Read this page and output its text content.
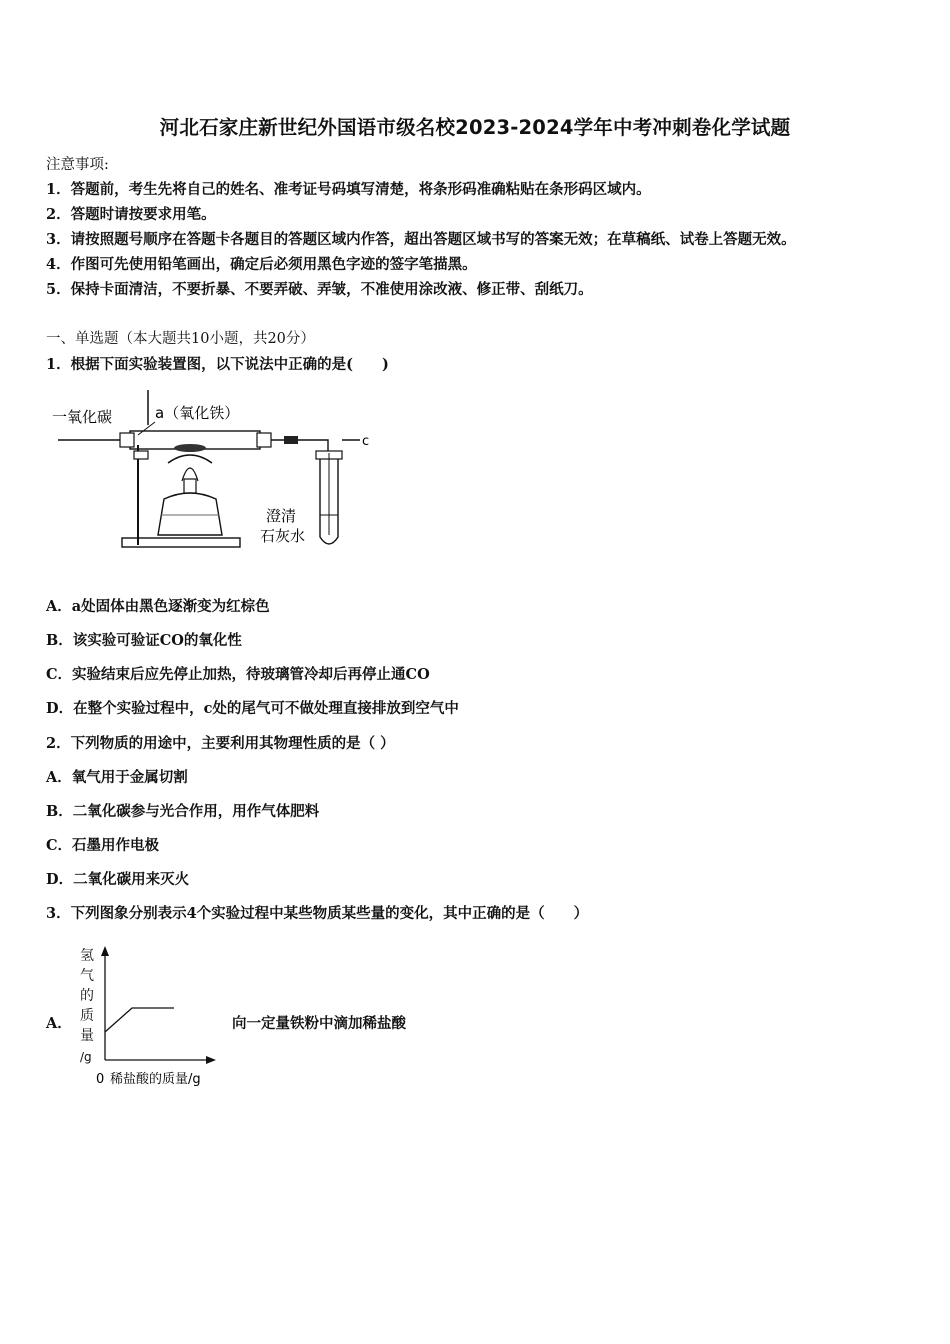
河北石家庄新世纪外国语市级名校2023-2024学年中考冲刺卷化学试题
注意事项:
1．答题前，考生先将自己的姓名、准考证号码填写清楚，将条形码准确粘贴在条形码区域内。
2．答题时请按要求用笔。
3．请按照题号顺序在答题卡各题目的答题区域内作答，超出答题区域书写的答案无效；在草稿纸、试卷上答题无效。
4．作图可先使用铅笔画出，确定后必须用黑色字迹的签字笔描黑。
5．保持卡面清洁，不要折暴、不要弄破、弄皱，不准使用涂改液、修正带、刮纸刀。
一、单选题（本大题共10小题，共20分）
1．根据下面实验装置图，以下说法中正确的是(　　)
一氧化碳	a（氧化铁）
c
澄清
石灰水
A．a处固体由黑色逐渐变为红棕色
B．该实验可验证CO的氧化性
C．实验结束后应先停止加热，待玻璃管冷却后再停止通CO
D．在整个实验过程中，c处的尾气可不做处理直接排放到空气中
2．下列物质的用途中，主要利用其物理性质的是（ ）
A．氧气用于金属切割
B．二氧化碳参与光合作用，用作气体肥料
C．石墨用作电极
D．二氧化碳用来灭火
3．下列图象分别表示4个实验过程中某些物质某些量的变化，其中正确的是（　　）
A．	向一定量铁粉中滴加稀盐酸
氢
气
的
质
量
/g
0 稀盐酸的质量/g
